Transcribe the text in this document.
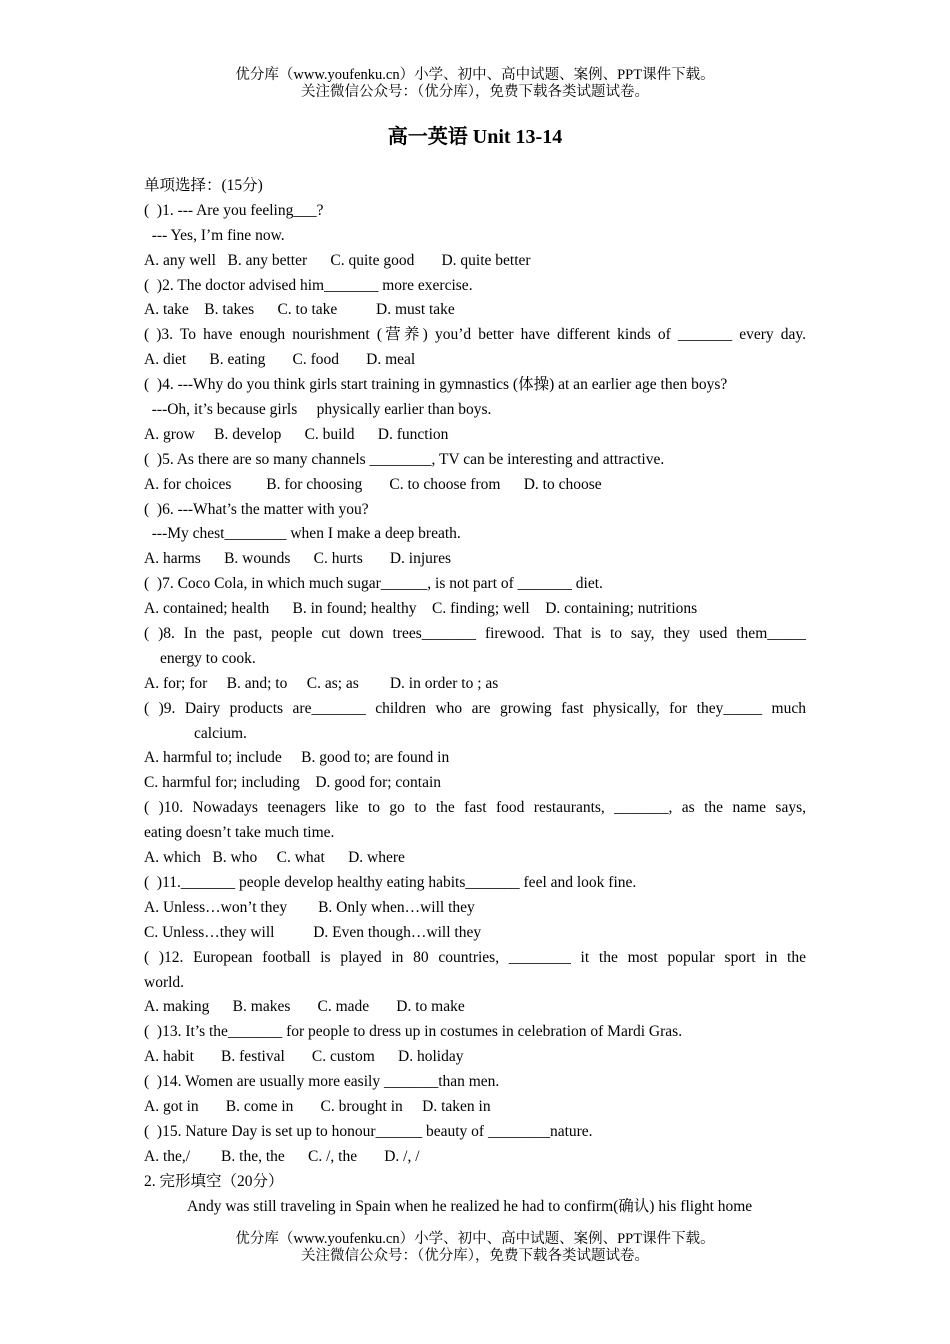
优分库（www.youfenku.cn）小学、初中、高中试题、案例、PPT课件下载。
关注微信公众号：（优分库），免费下载各类试题试卷。
高一英语 Unit 13-14
单项选择：(15分)
(  )1. --- Are you feeling___?
--- Yes, I’m fine now.
A. any well   B. any better      C. quite good       D. quite better
(  )2. The doctor advised him_______ more exercise.
A. take    B. takes      C. to take          D. must take
( )3. To have enough nourishment (营养) you’d better have different kinds of _______ every day.
A. diet      B. eating       C. food       D. meal
(  )4. ---Why do you think girls start training in gymnastics (体操) at an earlier age then boys?
---Oh, it’s because girls     physically earlier than boys.
A. grow     B. develop      C. build      D. function
(  )5. As there are so many channels ________, TV can be interesting and attractive.
A. for choices         B. for choosing       C. to choose from      D. to choose
(  )6. ---What’s the matter with you?
---My chest________ when I make a deep breath.
A. harms      B. wounds      C. hurts       D. injures
(  )7. Coco Cola, in which much sugar______, is not part of _______ diet.
A. contained; health      B. in found; healthy    C. finding; well    D. containing; nutritions
( )8. In the past, people cut down trees_______ firewood. That is to say, they used them_____
energy to cook.
A. for; for     B. and; to     C. as; as        D. in order to ; as
( )9. Dairy products are_______ children who are growing fast physically, for they_____ much
calcium.
A. harmful to; include     B. good to; are found in
C. harmful for; including    D. good for; contain
( )10. Nowadays teenagers like to go to the fast food restaurants, _______, as the name says,
eating doesn’t take much time.
A. which   B. who     C. what      D. where
(  )11._______ people develop healthy eating habits_______ feel and look fine.
A. Unless…won’t they        B. Only when…will they
C. Unless…they will          D. Even though…will they
( )12. European football is played in 80 countries, ________ it the most popular sport in the
world.
A. making      B. makes       C. made       D. to make
(  )13. It’s the_______ for people to dress up in costumes in celebration of Mardi Gras.
A. habit       B. festival       C. custom      D. holiday
(  )14. Women are usually more easily _______than men.
A. got in       B. come in       C. brought in     D. taken in
(  )15. Nature Day is set up to honour______ beauty of ________nature.
A. the,/        B. the, the      C. /, the       D. /, /
2. 完形填空（20分）
Andy was still traveling in Spain when he realized he had to confirm(确认) his flight home
优分库（www.youfenku.cn）小学、初中、高中试题、案例、PPT课件下载。
关注微信公众号：（优分库），免费下载各类试题试卷。
